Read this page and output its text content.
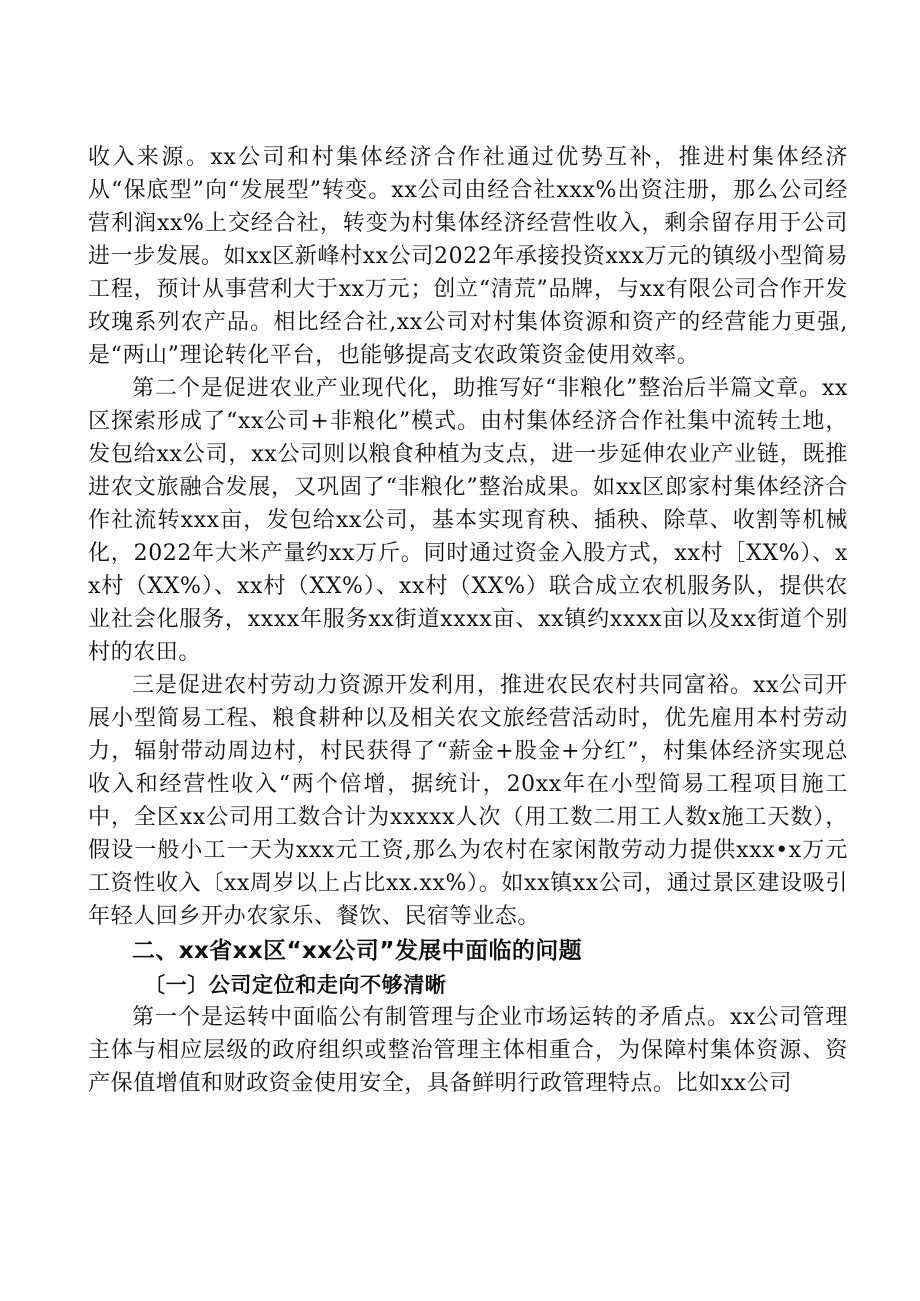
收入来源。xx公司和村集体经济合作社通过优势互补，推进村集体经济从“保底型”向“发展型”转变。xx公司由经合社xxx%出资注册，那么公司经营利润xx%上交经合社，转变为村集体经济经营性收入，剩余留存用于公司进一步发展。如xx区新峰村xx公司2022年承接投资xxx万元的镇级小型简易工程，预计从事营利大于xx万元；创立“清荒”品牌，与xx有限公司合作开发玫瑰系列农产品。相比经合社,xx公司对村集体资源和资产的经营能力更强,是“两山”理论转化平台，也能够提高支农政策资金使用效率。

第二个是促进农业产业现代化，助推写好“非粮化”整治后半篇文章。xx区探索形成了“xx公司+非粮化”模式。由村集体经济合作社集中流转土地，发包给xx公司，xx公司则以粮食种植为支点，进一步延伸农业产业链，既推进农文旅融合发展，又巩固了“非粮化”整治成果。如xx区郎家村集体经济合作社流转xxx亩，发包给xx公司，基本实现育秧、插秧、除草、收割等机械化，2022年大米产量约xx万斤。同时通过资金入股方式，xx村［XX%）、xx村（XX%）、xx村（XX%）、xx村（XX%）联合成立农机服务队，提供农业社会化服务，xxxx年服务xx街道xxxx亩、xx镇约xxxx亩以及xx街道个别村的农田。

三是促进农村劳动力资源开发利用，推进农民农村共同富裕。xx公司开展小型简易工程、粮食耕种以及相关农文旅经营活动时，优先雇用本村劳动力，辐射带动周边村，村民获得了“薪金+股金+分红”，村集体经济实现总收入和经营性收入“两个倍增，据统计，20xx年在小型简易工程项目施工中，全区xx公司用工数合计为xxxxx人次（用工数二用工人数x施工天数），假设一般小工一天为xxx元工资,那么为农村在家闲散劳动力提供xxx•x万元工资性收入〔xx周岁以上占比xx.xx%）。如xx镇xx公司，通过景区建设吸引年轻人回乡开办农家乐、餐饮、民宿等业态。

二、xx省xx区“xx公司”发展中面临的问题
〔一〕公司定位和走向不够清晰

第一个是运转中面临公有制管理与企业市场运转的矛盾点。xx公司管理主体与相应层级的政府组织或整治管理主体相重合，为保障村集体资源、资产保值增值和财政资金使用安全，具备鲜明行政管理特点。比如xx公司
